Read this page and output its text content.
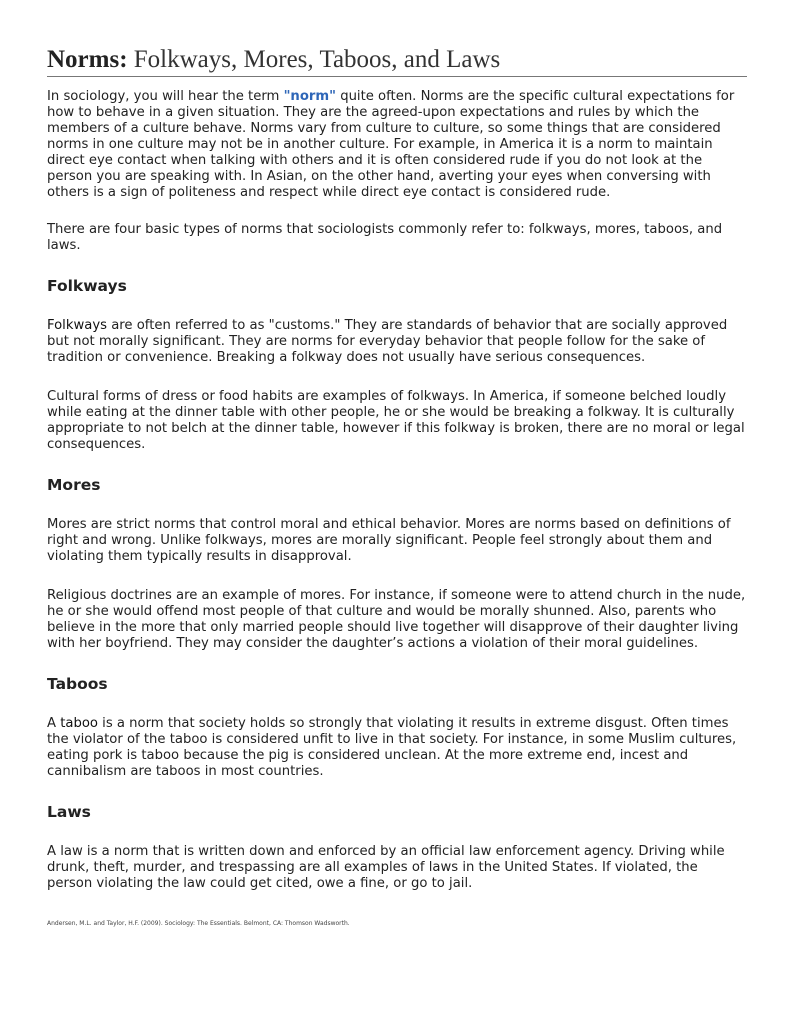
Norms: Folkways, Mores, Taboos, and Laws

In sociology, you will hear the term "norm" quite often. Norms are the specific cultural expectations for how to behave in a given situation. They are the agreed-upon expectations and rules by which the members of a culture behave. Norms vary from culture to culture, so some things that are considered norms in one culture may not be in another culture. For example, in America it is a norm to maintain direct eye contact when talking with others and it is often considered rude if you do not look at the person you are speaking with. In Asian, on the other hand, averting your eyes when conversing with others is a sign of politeness and respect while direct eye contact is considered rude.

There are four basic types of norms that sociologists commonly refer to: folkways, mores, taboos, and laws.

Folkways

Folkways are often referred to as "customs." They are standards of behavior that are socially approved but not morally significant. They are norms for everyday behavior that people follow for the sake of tradition or convenience. Breaking a folkway does not usually have serious consequences.

Cultural forms of dress or food habits are examples of folkways. In America, if someone belched loudly while eating at the dinner table with other people, he or she would be breaking a folkway. It is culturally appropriate to not belch at the dinner table, however if this folkway is broken, there are no moral or legal consequences.

Mores

Mores are strict norms that control moral and ethical behavior. Mores are norms based on definitions of right and wrong. Unlike folkways, mores are morally significant. People feel strongly about them and violating them typically results in disapproval.

Religious doctrines are an example of mores. For instance, if someone were to attend church in the nude, he or she would offend most people of that culture and would be morally shunned. Also, parents who believe in the more that only married people should live together will disapprove of their daughter living with her boyfriend. They may consider the daughter’s actions a violation of their moral guidelines.

Taboos

A taboo is a norm that society holds so strongly that violating it results in extreme disgust. Often times the violator of the taboo is considered unfit to live in that society. For instance, in some Muslim cultures, eating pork is taboo because the pig is considered unclean. At the more extreme end, incest and cannibalism are taboos in most countries.

Laws

A law is a norm that is written down and enforced by an official law enforcement agency. Driving while drunk, theft, murder, and trespassing are all examples of laws in the United States. If violated, the person violating the law could get cited, owe a fine, or go to jail.

Andersen, M.L. and Taylor, H.F. (2009). Sociology: The Essentials. Belmont, CA: Thomson Wadsworth.
